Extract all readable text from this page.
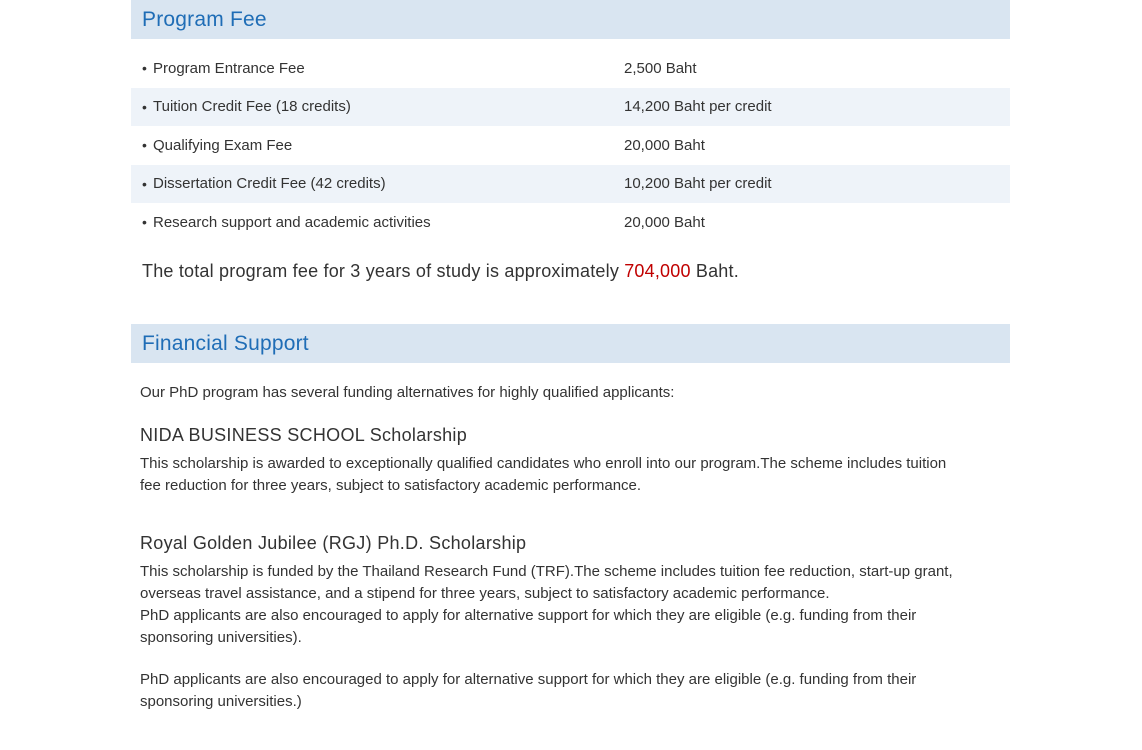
Program Fee
• Program Entrance Fee	2,500 Baht
• Tuition Credit Fee (18 credits)	14,200 Baht per credit
• Qualifying Exam Fee	20,000 Baht
• Dissertation Credit Fee (42 credits)	10,200 Baht per credit
• Research support and academic activities	20,000 Baht
The total program fee for 3 years of study is approximately 704,000 Baht.
Financial Support
Our PhD program has several funding alternatives for highly qualified applicants:
NIDA BUSINESS SCHOOL Scholarship
This scholarship is awarded to exceptionally qualified candidates who enroll into our program.The scheme includes tuition
fee reduction for three years, subject to satisfactory academic performance.
Royal Golden Jubilee (RGJ) Ph.D. Scholarship
This scholarship is funded by the Thailand Research Fund (TRF).The scheme includes tuition fee reduction, start-up grant,
overseas travel assistance, and a stipend for three years, subject to satisfactory academic performance.
PhD applicants are also encouraged to apply for alternative support for which they are eligible (e.g. funding from their
sponsoring universities).
PhD applicants are also encouraged to apply for alternative support for which they are eligible (e.g. funding from their
sponsoring universities.)
